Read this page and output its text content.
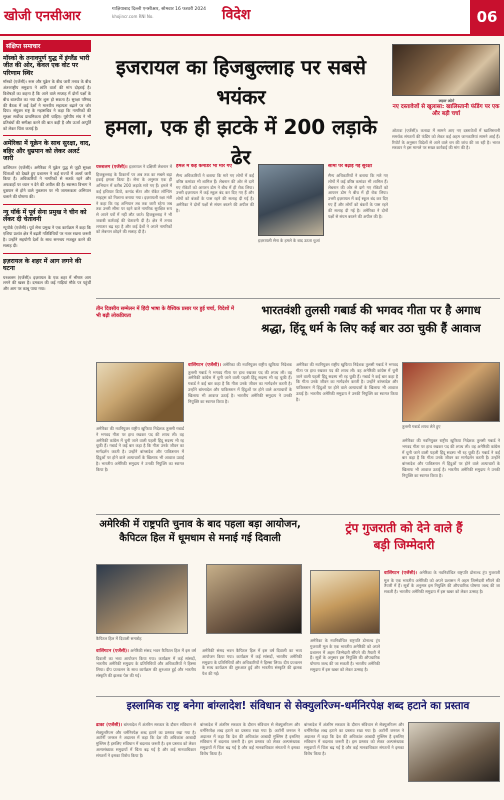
खोजी एनसीआर	गाज़ियाबाद दिल्ली एनसीआर, सोमवार 16 फरवरी 2024
khojincr.com RNI No.	विदेश	06
संक्षिप्त समाचार
मॉस्को के तनावपूर्ण युद्ध में इंग्लैंड भारी जीत की ओर, केवल एक वोट पर परिणाम स्थिर
मॉस्को (एजेंसी)। रूस और यूक्रेन के बीच जारी तनाव के बीच अंतरराष्ट्रीय समुदाय ने शांति वार्ता की मांग दोहराई है। विशेषज्ञों का कहना है कि आने वाले सप्ताह में दोनों पक्षों के बीच बातचीत का नया दौर शुरू हो सकता है। सुरक्षा परिषद की बैठक में कई देशों ने मानवीय सहायता बढ़ाने पर जोर दिया। संयुक्त राष्ट्र के महासचिव ने कहा कि नागरिकों की सुरक्षा सर्वोच्च प्राथमिकता होनी चाहिए। यूरोपीय संघ ने भी प्रतिबंधों की समीक्षा करने की बात कही है और ऊर्जा आपूर्ति को लेकर चिंता जताई है।
अमेरिका में यूक्रेन के साथ सुरक्षा, वाद, बहिर और धुम्रपान को लेकर अलर्ट जारी
वाशिंगटन (एजेंसी)। अमेरिका में यूक्रेन युद्ध से जुड़ी सुरक्षा चिंताओं को देखते हुए प्रशासन ने कई राज्यों में अलर्ट जारी किया है। अधिकारियों ने नागरिकों से सतर्क रहने और अफवाहों पर ध्यान न देने की अपील की है। स्वास्थ्य विभाग ने धुम्रपान से होने वाले नुकसान पर भी जागरूकता अभियान चलाने की घोषणा की।
न्यू यॉर्क में पूर्व सेना प्रमुख ने चीन को लेकर दी चेतावनी
न्यूयॉर्क (एजेंसी)। पूर्व सेना प्रमुख ने एक कार्यक्रम में कहा कि एशिया प्रशांत क्षेत्र में बढ़ती गतिविधियों पर नजर रखना जरूरी है। उन्होंने सहयोगी देशों के साथ समन्वय मजबूत करने की सलाह दी।
इज़रायल के शहर में आग लगने की घटना
यरुशलम (एजेंसी)। इज़रायल के एक शहर में भीषण आग लगने की खबर है। दमकल की कई गाड़ियां मौके पर पहुंचीं और आग पर काबू पाया गया।
इजरायल का हिजबुल्लाह पर सबसे भयंकर
हमला, एक ही झटके में 200 लड़ाके ढेर
फाइल फोटो
नए दस्तावेजों से खुलासा: खालिस्तानी फंडिंग पर एक और बड़ी चर्चा
ओटावा (एजेंसी)। कनाडा में सामने आए नए दस्तावेजों में खालिस्तानी समर्थक संगठनों की फंडिंग को लेकर कई अहम जानकारियां सामने आई हैं। रिपोर्ट के अनुसार विदेशों से आने वाले धन की जांच की जा रही है। भारत सरकार ने इस मामले पर सख्त कार्रवाई की मांग की है।
यरुशलम (एजेंसी)। इज़रायल ने दक्षिणी लेबनान में हिजबुल्लाह के ठिकानों पर अब तक का सबसे बड़ा हवाई हमला किया है। सेना के अनुसार एक ही अभियान में करीब 200 लड़ाके मारे गए हैं। हमले में कई हथियार डिपो, कमांड सेंटर और रॉकेट लॉन्चिंग साइट्स को निशाना बनाया गया। इज़रायली रक्षा मंत्री ने कहा कि यह अभियान तब तक जारी रहेगा जब तक उत्तरी सीमा पर रहने वाले नागरिक सुरक्षित रूप से अपने घरों में नहीं लौट जाते। हिजबुल्लाह ने भी जवाबी कार्रवाई की चेतावनी दी है। क्षेत्र में तनाव लगातार बढ़ रहा है और कई देशों ने अपने नागरिकों को लेबनान छोड़ने की सलाह दी है।
हमले में कई कमांडर भी मारे गए
सैन्य अधिकारियों ने बताया कि मारे गए लोगों में कई वरिष्ठ कमांडर भी शामिल हैं। लेबनान की ओर से दागे गए रॉकेटों को आयरन डोम ने बीच में ही रोक लिया। उत्तरी इज़रायल में कई स्कूल बंद कर दिए गए हैं और लोगों को बंकरों के पास रहने की सलाह दी गई है। अमेरिका ने दोनों पक्षों से संयम बरतने की अपील की है।
इज़रायली सेना के हमले के बाद उठता धुआं
सीमा पर बढ़ाई गई सुरक्षा
सैन्य अधिकारियों ने बताया कि मारे गए लोगों में कई वरिष्ठ कमांडर भी शामिल हैं। लेबनान की ओर से दागे गए रॉकेटों को आयरन डोम ने बीच में ही रोक लिया। उत्तरी इज़रायल में कई स्कूल बंद कर दिए गए हैं और लोगों को बंकरों के पास रहने की सलाह दी गई है। अमेरिका ने दोनों पक्षों से संयम बरतने की अपील की है।
तीन दिवसीय सम्मेलन में हिंदी भाषा के वैश्विक प्रसार पर हुई चर्चा, विदेशों में भी बढ़ी लोकप्रियता	भारतवंशी तुलसी गबार्ड की भगवद गीता पर है अगाध
श्रद्धा, हिंदू धर्म के लिए कई बार उठा चुकी हैं आवाज
वाशिंगटन (एजेंसी)। अमेरिका की नवनियुक्त राष्ट्रीय खुफिया निदेशक तुलसी गबार्ड ने भगवद गीता पर हाथ रखकर पद की शपथ ली। वह अमेरिकी कांग्रेस में चुनी जाने वाली पहली हिंदू सदस्य भी रह चुकी हैं। गबार्ड ने कई बार कहा है कि गीता उनके जीवन का मार्गदर्शन करती है। उन्होंने बांग्लादेश और पाकिस्तान में हिंदुओं पर होने वाले अत्याचारों के खिलाफ भी आवाज उठाई है। भारतीय अमेरिकी समुदाय ने उनकी नियुक्ति का स्वागत किया है।
अमेरिका की नवनियुक्त राष्ट्रीय खुफिया निदेशक तुलसी गबार्ड ने भगवद गीता पर हाथ रखकर पद की शपथ ली। वह अमेरिकी कांग्रेस में चुनी जाने वाली पहली हिंदू सदस्य भी रह चुकी हैं। गबार्ड ने कई बार कहा है कि गीता उनके जीवन का मार्गदर्शन करती है। उन्होंने बांग्लादेश और पाकिस्तान में हिंदुओं पर होने वाले अत्याचारों के खिलाफ भी आवाज उठाई है। भारतीय अमेरिकी समुदाय ने उनकी नियुक्ति का स्वागत किया है।
तुलसी गबार्ड शपथ लेते हुए
अमेरिका की नवनियुक्त राष्ट्रीय खुफिया निदेशक तुलसी गबार्ड ने भगवद गीता पर हाथ रखकर पद की शपथ ली। वह अमेरिकी कांग्रेस में चुनी जाने वाली पहली हिंदू सदस्य भी रह चुकी हैं। गबार्ड ने कई बार कहा है कि गीता उनके जीवन का मार्गदर्शन करती है। उन्होंने बांग्लादेश और पाकिस्तान में हिंदुओं पर होने वाले अत्याचारों के खिलाफ भी आवाज उठाई है। भारतीय अमेरिकी समुदाय ने उनकी नियुक्ति का स्वागत किया है।
अमेरिका की नवनियुक्त राष्ट्रीय खुफिया निदेशक तुलसी गबार्ड ने भगवद गीता पर हाथ रखकर पद की शपथ ली। वह अमेरिकी कांग्रेस में चुनी जाने वाली पहली हिंदू सदस्य भी रह चुकी हैं। गबार्ड ने कई बार कहा है कि गीता उनके जीवन का मार्गदर्शन करती है। उन्होंने बांग्लादेश और पाकिस्तान में हिंदुओं पर होने वाले अत्याचारों के खिलाफ भी आवाज उठाई है। भारतीय अमेरिकी समुदाय ने उनकी नियुक्ति का स्वागत किया है।
अमेरिकी में राष्ट्रपति चुनाव के बाद पहला बड़ा आयोजन,
कैपिटल हिल में धूमधाम से मनाई गई दिवाली
कैपिटल हिल में दिवाली समारोह
वाशिंगटन (एजेंसी)। अमेरिकी संसद भवन कैपिटल हिल में इस वर्ष दिवाली का भव्य आयोजन किया गया। कार्यक्रम में कई सांसदों, भारतीय अमेरिकी समुदाय के प्रतिनिधियों और अधिकारियों ने हिस्सा लिया। दीप प्रज्वलन के साथ कार्यक्रम की शुरुआत हुई और भारतीय संस्कृति की झलक पेश की गई।
अमेरिकी संसद भवन कैपिटल हिल में इस वर्ष दिवाली का भव्य आयोजन किया गया। कार्यक्रम में कई सांसदों, भारतीय अमेरिकी समुदाय के प्रतिनिधियों और अधिकारियों ने हिस्सा लिया। दीप प्रज्वलन के साथ कार्यक्रम की शुरुआत हुई और भारतीय संस्कृति की झलक पेश की गई।
ट्रंप गुजराती को देने वाले हैं
बड़ी जिम्मेदारी
वाशिंगटन (एजेंसी)। अमेरिका के नवनिर्वाचित राष्ट्रपति डोनाल्ड ट्रंप गुजराती मूल के एक भारतीय अमेरिकी को अपने प्रशासन में अहम जिम्मेदारी सौंपने की तैयारी में हैं। सूत्रों के अनुसार इस नियुक्ति की औपचारिक घोषणा जल्द की जा सकती है। भारतीय अमेरिकी समुदाय में इस खबर को लेकर उत्साह है।
अमेरिका के नवनिर्वाचित राष्ट्रपति डोनाल्ड ट्रंप गुजराती मूल के एक भारतीय अमेरिकी को अपने प्रशासन में अहम जिम्मेदारी सौंपने की तैयारी में हैं। सूत्रों के अनुसार इस नियुक्ति की औपचारिक घोषणा जल्द की जा सकती है। भारतीय अमेरिकी समुदाय में इस खबर को लेकर उत्साह है।
इस्लामिक राष्ट्र बनेगा बांग्लादेश! संविधान से सेक्युलरिज्म-धर्मनिरपेक्ष शब्द हटाने का प्रस्ताव
ढाका (एजेंसी)। बांग्लादेश में अंतरिम सरकार के दौरान संविधान से सेक्युलरिज्म और धर्मनिरपेक्ष शब्द हटाने का प्रस्ताव रखा गया है। अटॉर्नी जनरल ने अदालत में कहा कि देश की अधिकांश आबादी मुस्लिम है इसलिए संविधान में बदलाव जरूरी है। इस प्रस्ताव को लेकर अल्पसंख्यक समुदायों में चिंता बढ़ गई है और कई मानवाधिकार संगठनों ने इसका विरोध किया है।
बांग्लादेश में अंतरिम सरकार के दौरान संविधान से सेक्युलरिज्म और धर्मनिरपेक्ष शब्द हटाने का प्रस्ताव रखा गया है। अटॉर्नी जनरल ने अदालत में कहा कि देश की अधिकांश आबादी मुस्लिम है इसलिए संविधान में बदलाव जरूरी है। इस प्रस्ताव को लेकर अल्पसंख्यक समुदायों में चिंता बढ़ गई है और कई मानवाधिकार संगठनों ने इसका विरोध किया है।
बांग्लादेश में अंतरिम सरकार के दौरान संविधान से सेक्युलरिज्म और धर्मनिरपेक्ष शब्द हटाने का प्रस्ताव रखा गया है। अटॉर्नी जनरल ने अदालत में कहा कि देश की अधिकांश आबादी मुस्लिम है इसलिए संविधान में बदलाव जरूरी है। इस प्रस्ताव को लेकर अल्पसंख्यक समुदायों में चिंता बढ़ गई है और कई मानवाधिकार संगठनों ने इसका विरोध किया है।
